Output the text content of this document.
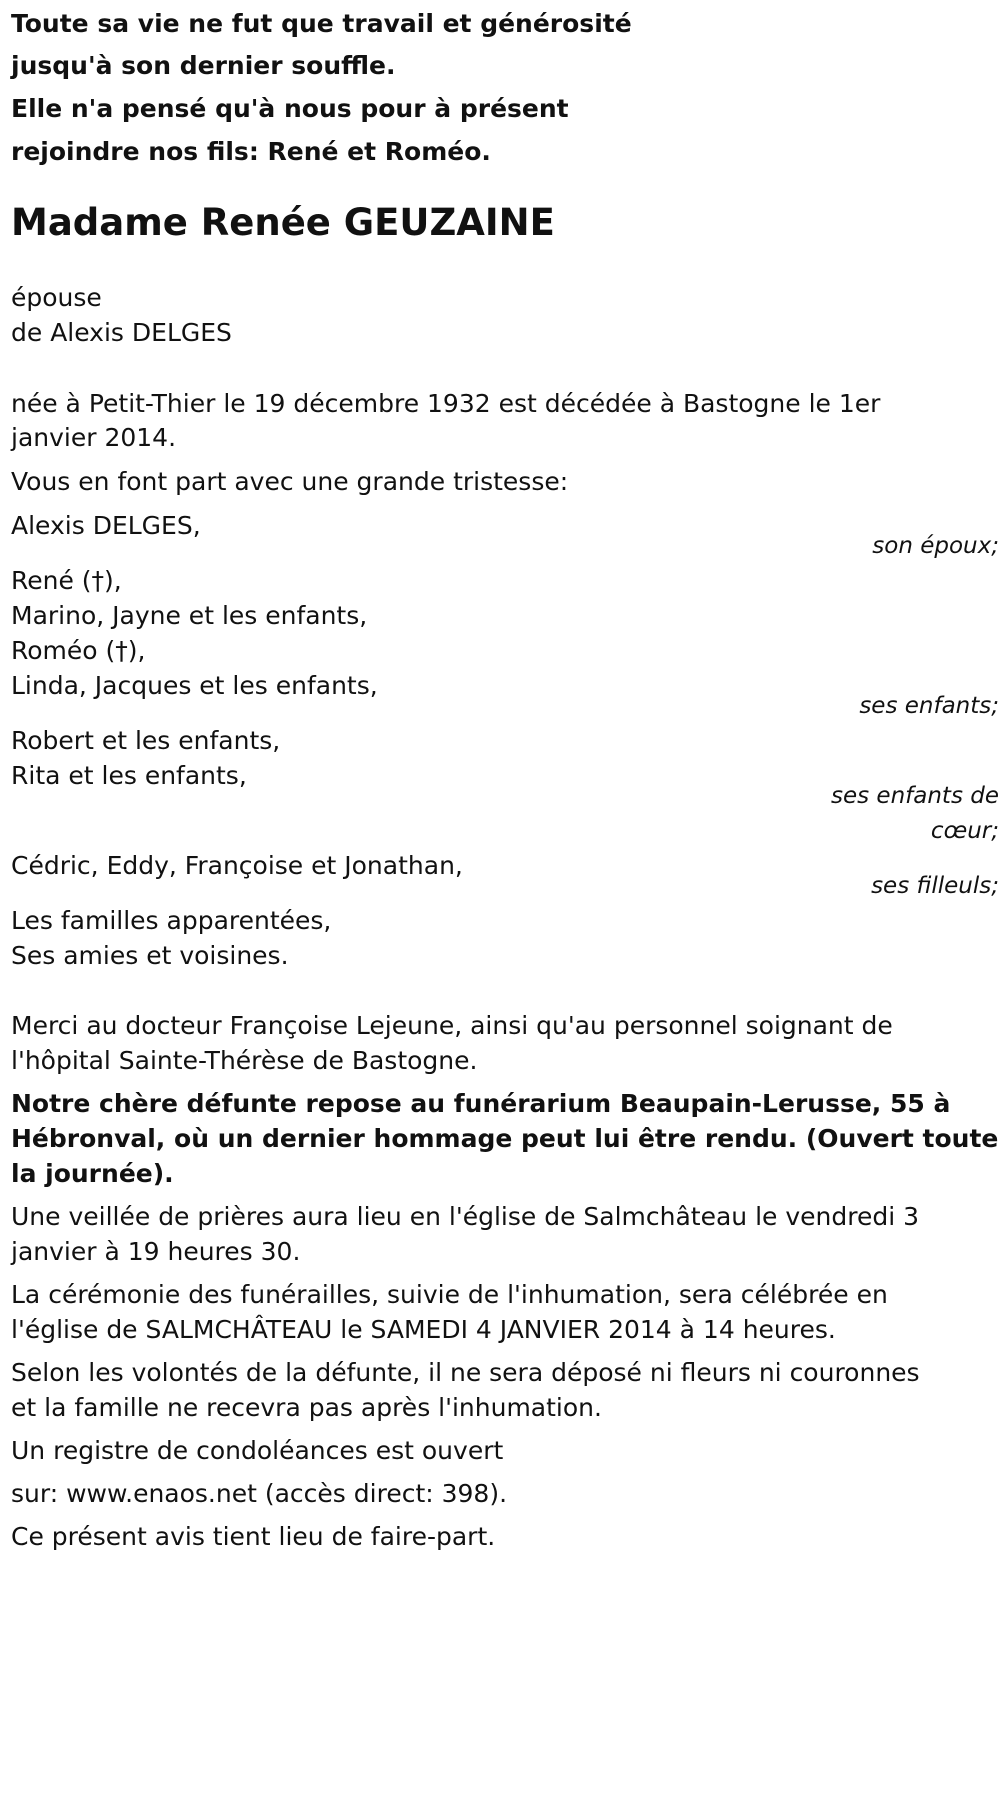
Toute sa vie ne fut que travail et générosité
jusqu'à son dernier souffle.
Elle n'a pensé qu'à nous pour à présent
rejoindre nos fils: René et Roméo.
Madame Renée GEUZAINE
épouse
de Alexis DELGES
née à Petit-Thier le 19 décembre 1932 est décédée à Bastogne le 1er
janvier 2014.
Vous en font part avec une grande tristesse:
Alexis DELGES,
son époux;
René (†),
Marino, Jayne et les enfants,
Roméo (†),
Linda, Jacques et les enfants,
ses enfants;
Robert et les enfants,
Rita et les enfants,
ses enfants de
cœur;
Cédric, Eddy, Françoise et Jonathan,
ses filleuls;
Les familles apparentées,
Ses amies et voisines.
Merci au docteur Françoise Lejeune, ainsi qu'au personnel soignant de
l'hôpital Sainte-Thérèse de Bastogne.
Notre chère défunte repose au funérarium Beaupain-Lerusse, 55 à
Hébronval, où un dernier hommage peut lui être rendu. (Ouvert toute
la journée).
Une veillée de prières aura lieu en l'église de Salmchâteau le vendredi 3
janvier à 19 heures 30.
La cérémonie des funérailles, suivie de l'inhumation, sera célébrée en
l'église de SALMCHÂTEAU le SAMEDI 4 JANVIER 2014 à 14 heures.
Selon les volontés de la défunte, il ne sera déposé ni fleurs ni couronnes
et la famille ne recevra pas après l'inhumation.
Un registre de condoléances est ouvert
sur: www.enaos.net (accès direct: 398).
Ce présent avis tient lieu de faire-part.
